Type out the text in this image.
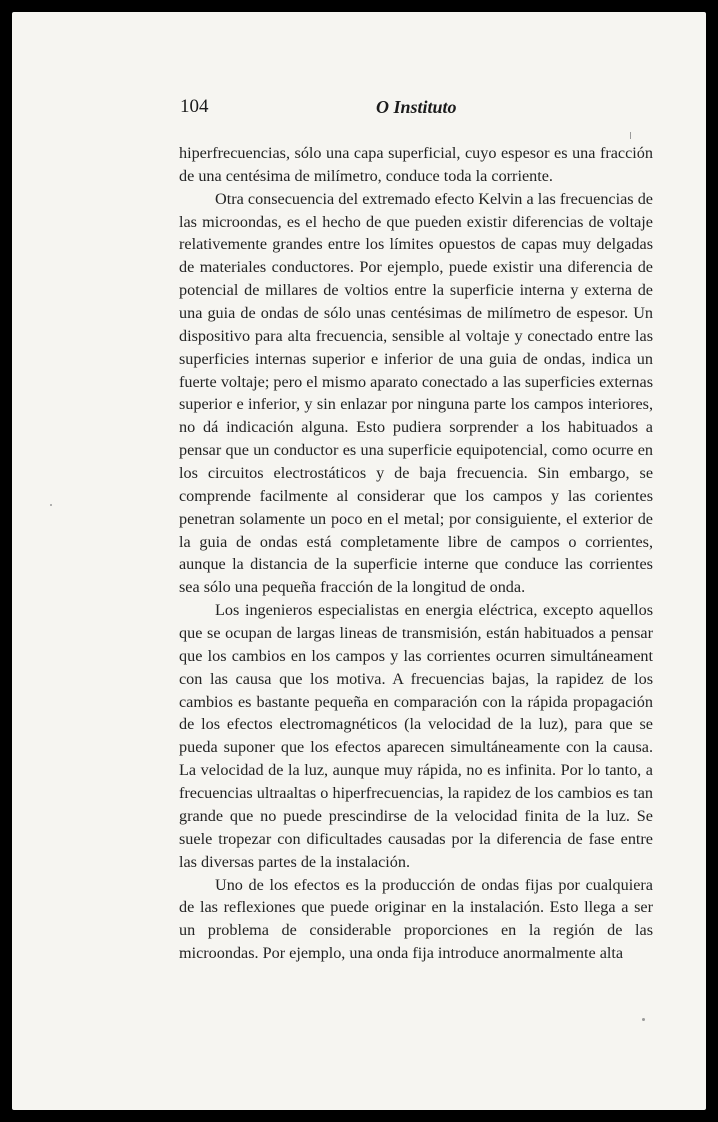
104	O Instituto

hiperfrecuencias, sólo una capa superficial, cuyo espesor es una fracción de una centésima de milímetro, conduce toda la corriente.

Otra consecuencia del extremado efecto Kelvin a las frecuencias de las microondas, es el hecho de que pueden existir diferencias de voltaje relativemente grandes entre los límites opuestos de capas muy delgadas de materiales conductores. Por ejemplo, puede existir una diferencia de potencial de millares de voltios entre la superficie interna y externa de una guia de ondas de sólo unas centésimas de milímetro de espesor. Un dispositivo para alta frecuencia, sensible al voltaje y conectado entre las superficies internas superior e inferior de una guia de ondas, indica un fuerte voltaje; pero el mismo aparato conectado a las superficies externas superior e inferior, y sin enlazar por ninguna parte los campos interiores, no dá indicación alguna. Esto pudiera sorprender a los habituados a pensar que un conductor es una superficie equipotencial, como ocurre en los circuitos electrostáticos y de baja frecuencia. Sin embargo, se comprende facilmente al considerar que los campos y las corientes penetran solamente un poco en el metal; por consiguiente, el exterior de la guia de ondas está completamente libre de campos o corrientes, aunque la distancia de la superficie interne que conduce las corrientes sea sólo una pequeña fracción de la longitud de onda.

Los ingenieros especialistas en energia eléctrica, excepto aquellos que se ocupan de largas lineas de transmisión, están habituados a pensar que los cambios en los campos y las corrientes ocurren simultáneament con las causa que los motiva. A frecuencias bajas, la rapidez de los cambios es bastante pequeña en comparación con la rápida propagación de los efectos electromagnéticos (la velocidad de la luz), para que se pueda suponer que los efectos aparecen simultáneamente con la causa. La velocidad de la luz, aunque muy rápida, no es infinita. Por lo tanto, a frecuencias ultraaltas o hiperfrecuencias, la rapidez de los cambios es tan grande que no puede prescindirse de la velocidad finita de la luz. Se suele tropezar con dificultades causadas por la diferencia de fase entre las diversas partes de la instalación.

Uno de los efectos es la producción de ondas fijas por cualquiera de las reflexiones que puede originar en la instalación. Esto llega a ser un problema de considerable proporciones en la región de las microondas. Por ejemplo, una onda fija introduce anormalmente alta
